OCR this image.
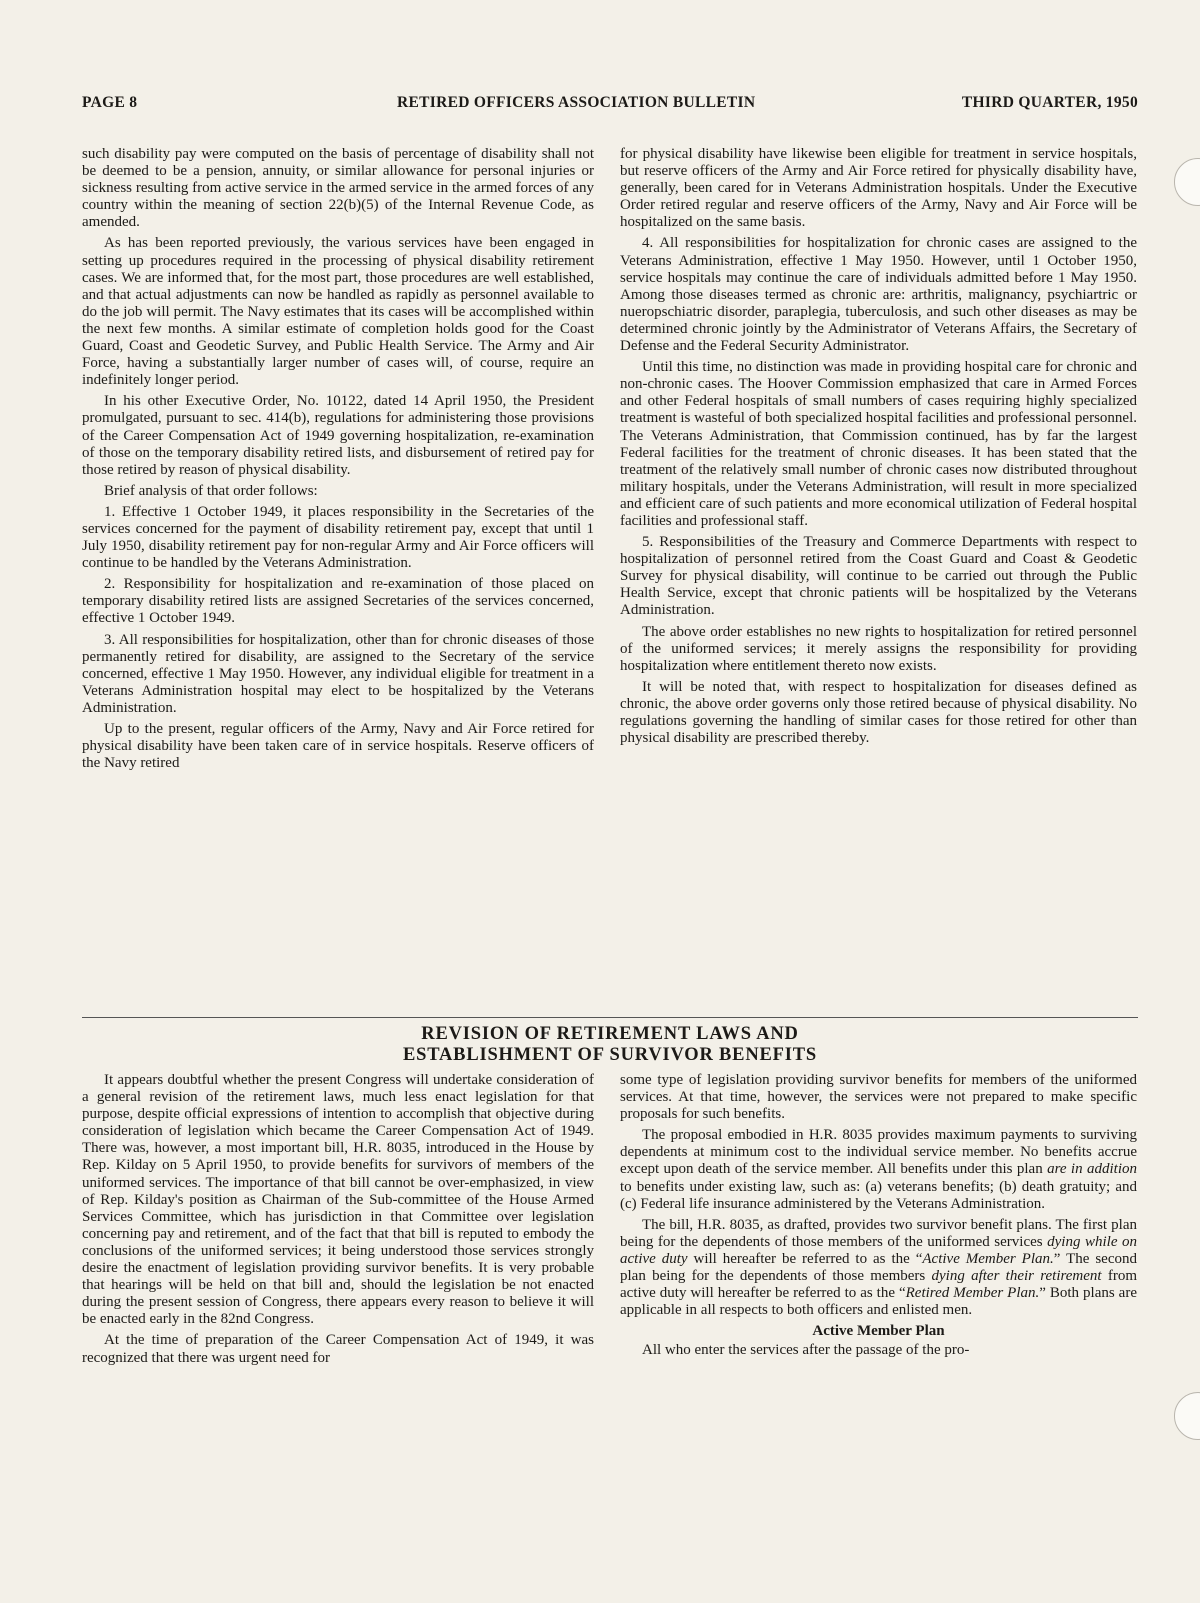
PAGE 8	RETIRED OFFICERS ASSOCIATION BULLETIN	THIRD QUARTER, 1950

such disability pay were computed on the basis of percentage of disability shall not be deemed to be a pension, annuity, or similar allowance for personal injuries or sickness resulting from active service in the armed service in the armed forces of any country within the meaning of section 22(b)(5) of the Internal Revenue Code, as amended.

As has been reported previously, the various services have been engaged in setting up procedures required in the processing of physical disability retirement cases. We are informed that, for the most part, those procedures are well established, and that actual adjustments can now be handled as rapidly as personnel available to do the job will permit. The Navy estimates that its cases will be accomplished within the next few months. A similar estimate of completion holds good for the Coast Guard, Coast and Geodetic Survey, and Public Health Service. The Army and Air Force, having a substantially larger number of cases will, of course, require an indefinitely longer period.

In his other Executive Order, No. 10122, dated 14 April 1950, the President promulgated, pursuant to sec. 414(b), regulations for administering those provisions of the Career Compensation Act of 1949 governing hospitalization, re-examination of those on the temporary disability retired lists, and disbursement of retired pay for those retired by reason of physical disability.

Brief analysis of that order follows:

1. Effective 1 October 1949, it places responsibility in the Secretaries of the services concerned for the payment of disability retirement pay, except that until 1 July 1950, disability retirement pay for non-regular Army and Air Force officers will continue to be handled by the Veterans Administration.

2. Responsibility for hospitalization and re-examination of those placed on temporary disability retired lists are assigned Secretaries of the services concerned, effective 1 October 1949.

3. All responsibilities for hospitalization, other than for chronic diseases of those permanently retired for disability, are assigned to the Secretary of the service concerned, effective 1 May 1950. However, any individual eligible for treatment in a Veterans Administration hospital may elect to be hospitalized by the Veterans Administration.

Up to the present, regular officers of the Army, Navy and Air Force retired for physical disability have been taken care of in service hospitals. Reserve officers of the Navy retired

for physical disability have likewise been eligible for treatment in service hospitals, but reserve officers of the Army and Air Force retired for physically disability have, generally, been cared for in Veterans Administration hospitals. Under the Executive Order retired regular and reserve officers of the Army, Navy and Air Force will be hospitalized on the same basis.

4. All responsibilities for hospitalization for chronic cases are assigned to the Veterans Administration, effective 1 May 1950. However, until 1 October 1950, service hospitals may continue the care of individuals admitted before 1 May 1950. Among those diseases termed as chronic are: arthritis, malignancy, psychiartric or nueropschiatric disorder, paraplegia, tuberculosis, and such other diseases as may be determined chronic jointly by the Administrator of Veterans Affairs, the Secretary of Defense and the Federal Security Administrator.

Until this time, no distinction was made in providing hospital care for chronic and non-chronic cases. The Hoover Commission emphasized that care in Armed Forces and other Federal hospitals of small numbers of cases requiring highly specialized treatment is wasteful of both specialized hospital facilities and professional personnel. The Veterans Administration, that Commission continued, has by far the largest Federal facilities for the treatment of chronic diseases. It has been stated that the treatment of the relatively small number of chronic cases now distributed throughout military hospitals, under the Veterans Administration, will result in more specialized and efficient care of such patients and more economical utilization of Federal hospital facilities and professional staff.

5. Responsibilities of the Treasury and Commerce Departments with respect to hospitalization of personnel retired from the Coast Guard and Coast & Geodetic Survey for physical disability, will continue to be carried out through the Public Health Service, except that chronic patients will be hospitalized by the Veterans Administration.

The above order establishes no new rights to hospitalization for retired personnel of the uniformed services; it merely assigns the responsibility for providing hospitalization where entitlement thereto now exists.

It will be noted that, with respect to hospitalization for diseases defined as chronic, the above order governs only those retired because of physical disability. No regulations governing the handling of similar cases for those retired for other than physical disability are prescribed thereby.

REVISION OF RETIREMENT LAWS AND
ESTABLISHMENT OF SURVIVOR BENEFITS

It appears doubtful whether the present Congress will undertake consideration of a general revision of the retirement laws, much less enact legislation for that purpose, despite official expressions of intention to accomplish that objective during consideration of legislation which became the Career Compensation Act of 1949. There was, however, a most important bill, H.R. 8035, introduced in the House by Rep. Kilday on 5 April 1950, to provide benefits for survivors of members of the uniformed services. The importance of that bill cannot be over-emphasized, in view of Rep. Kilday's position as Chairman of the Sub-committee of the House Armed Services Committee, which has jurisdiction in that Committee over legislation concerning pay and retirement, and of the fact that that bill is reputed to embody the conclusions of the uniformed services; it being understood those services strongly desire the enactment of legislation providing survivor benefits. It is very probable that hearings will be held on that bill and, should the legislation be not enacted during the present session of Congress, there appears every reason to believe it will be enacted early in the 82nd Congress.

At the time of preparation of the Career Compensation Act of 1949, it was recognized that there was urgent need for

some type of legislation providing survivor benefits for members of the uniformed services. At that time, however, the services were not prepared to make specific proposals for such benefits.

The proposal embodied in H.R. 8035 provides maximum payments to surviving dependents at minimum cost to the individual service member. No benefits accrue except upon death of the service member. All benefits under this plan are in addition to benefits under existing law, such as: (a) veterans benefits; (b) death gratuity; and (c) Federal life insurance administered by the Veterans Administration.

The bill, H.R. 8035, as drafted, provides two survivor benefit plans. The first plan being for the dependents of those members of the uniformed services dying while on active duty will hereafter be referred to as the “Active Member Plan.” The second plan being for the dependents of those members dying after their retirement from active duty will hereafter be referred to as the “Retired Member Plan.” Both plans are applicable in all respects to both officers and enlisted men.

Active Member Plan

All who enter the services after the passage of the pro-
